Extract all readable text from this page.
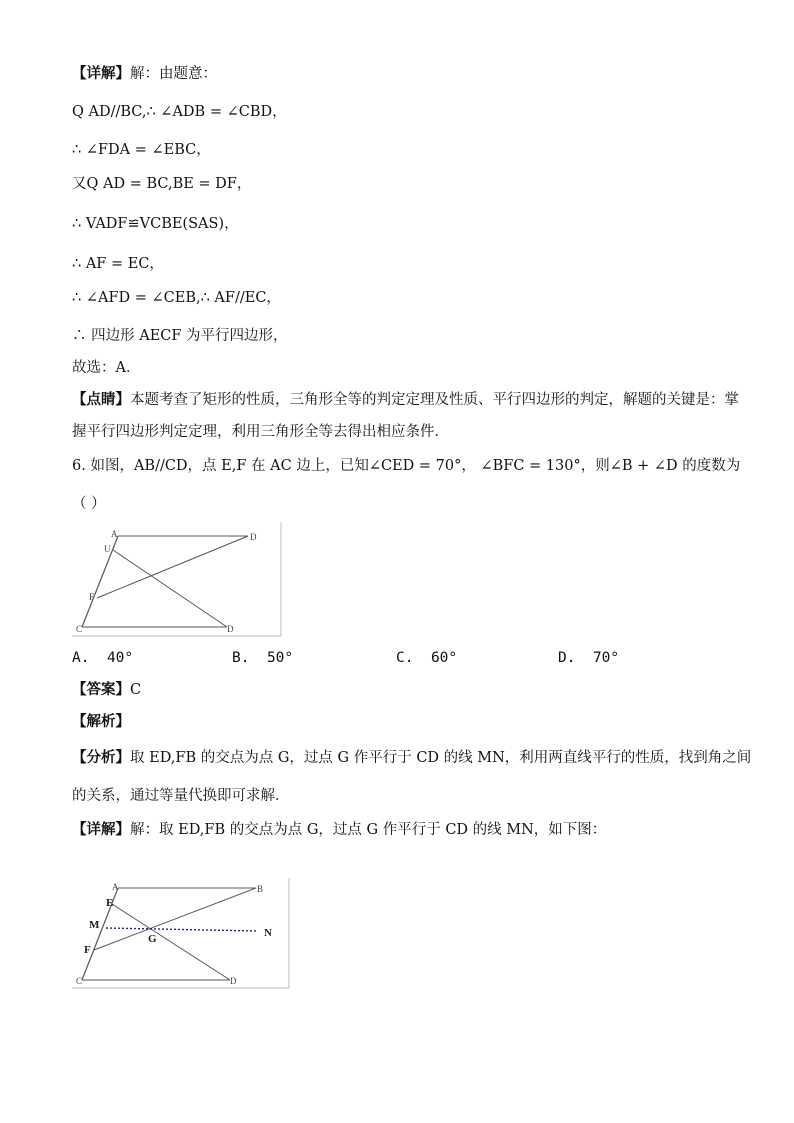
【详解】解：由题意：
Q AD//BC,∴ ∠ADB = ∠CBD，
∴ ∠FDA = ∠EBC，
又Q AD = BC,BE = DF，
∴ VADF≌VCBE(SAS)，
∴ AF = EC，
∴ ∠AFD = ∠CEB,∴ AF//EC，
∴ 四边形 AECF 为平行四边形，
故选：A．
【点睛】本题考查了矩形的性质，三角形全等的判定定理及性质、平行四边形的判定，解题的关键是：掌
握平行四边形判定定理，利用三角形全等去得出相应条件．
6. 如图，AB//CD，点 E,F 在 AC 边上，已知∠CED = 70°， ∠BFC = 130°，则∠B + ∠D 的度数为
（ ）
A
U
D
F
C	D
A. 40°	B. 50°	C. 60°	D. 70°
【答案】C
【解析】
【分析】取 ED,FB 的交点为点 G，过点 G 作平行于 CD 的线 MN，利用两直线平行的性质，找到角之间
的关系，通过等量代换即可求解．
【详解】解：取 ED,FB 的交点为点 G，过点 G 作平行于 CD 的线 MN，如下图：
A	B
E
M
G	N
F
C	D
